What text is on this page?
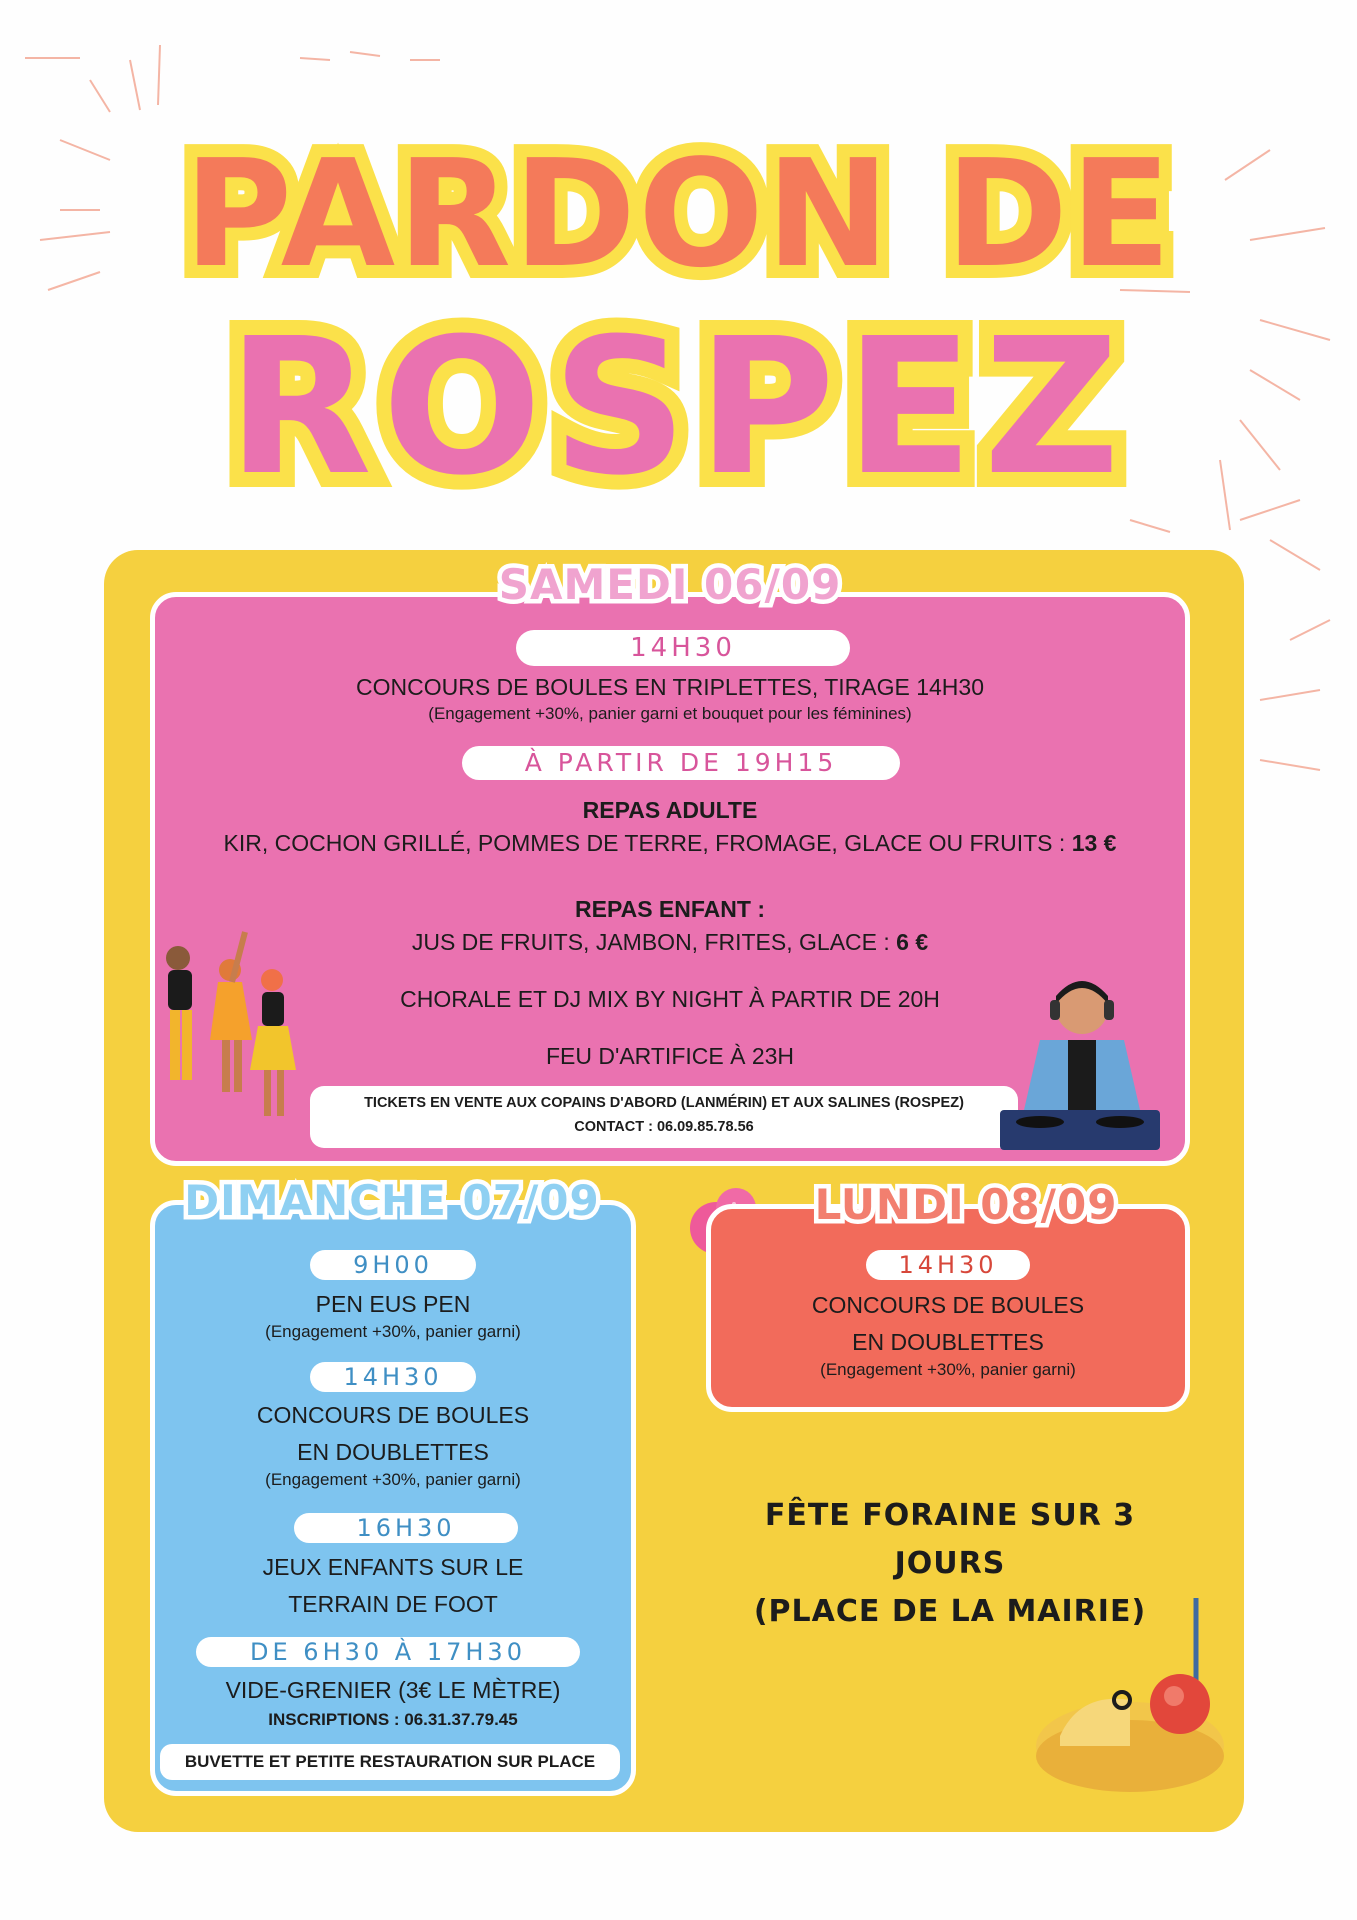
PARDON DE
ROSPEZ
SAMEDI 06/09
14H30
CONCOURS DE BOULES EN TRIPLETTES, TIRAGE 14H30
(Engagement +30%, panier garni et bouquet pour les féminines)
À PARTIR DE 19H15
REPAS ADULTE
KIR, COCHON GRILLÉ, POMMES DE TERRE, FROMAGE, GLACE OU FRUITS : 13 €
REPAS ENFANT :
JUS DE FRUITS, JAMBON, FRITES, GLACE : 6 €
CHORALE ET DJ MIX BY NIGHT À PARTIR DE 20H
FEU D'ARTIFICE À 23H
TICKETS EN VENTE AUX COPAINS D'ABORD (LANMÉRIN) ET AUX SALINES (ROSPEZ)
CONTACT : 06.09.85.78.56
DIMANCHE 07/09
9H00
PEN EUS PEN
(Engagement +30%, panier garni)
14H30
CONCOURS DE BOULES
EN DOUBLETTES
(Engagement +30%, panier garni)
16H30
JEUX ENFANTS SUR LE
TERRAIN DE FOOT
DE 6H30 À 17H30
VIDE-GRENIER (3€ LE MÈTRE)
INSCRIPTIONS : 06.31.37.79.45
BUVETTE ET PETITE RESTAURATION SUR PLACE
LUNDI 08/09
14H30
CONCOURS DE BOULES
EN DOUBLETTES
(Engagement +30%, panier garni)
FÊTE FORAINE SUR 3
JOURS
(PLACE DE LA MAIRIE)
